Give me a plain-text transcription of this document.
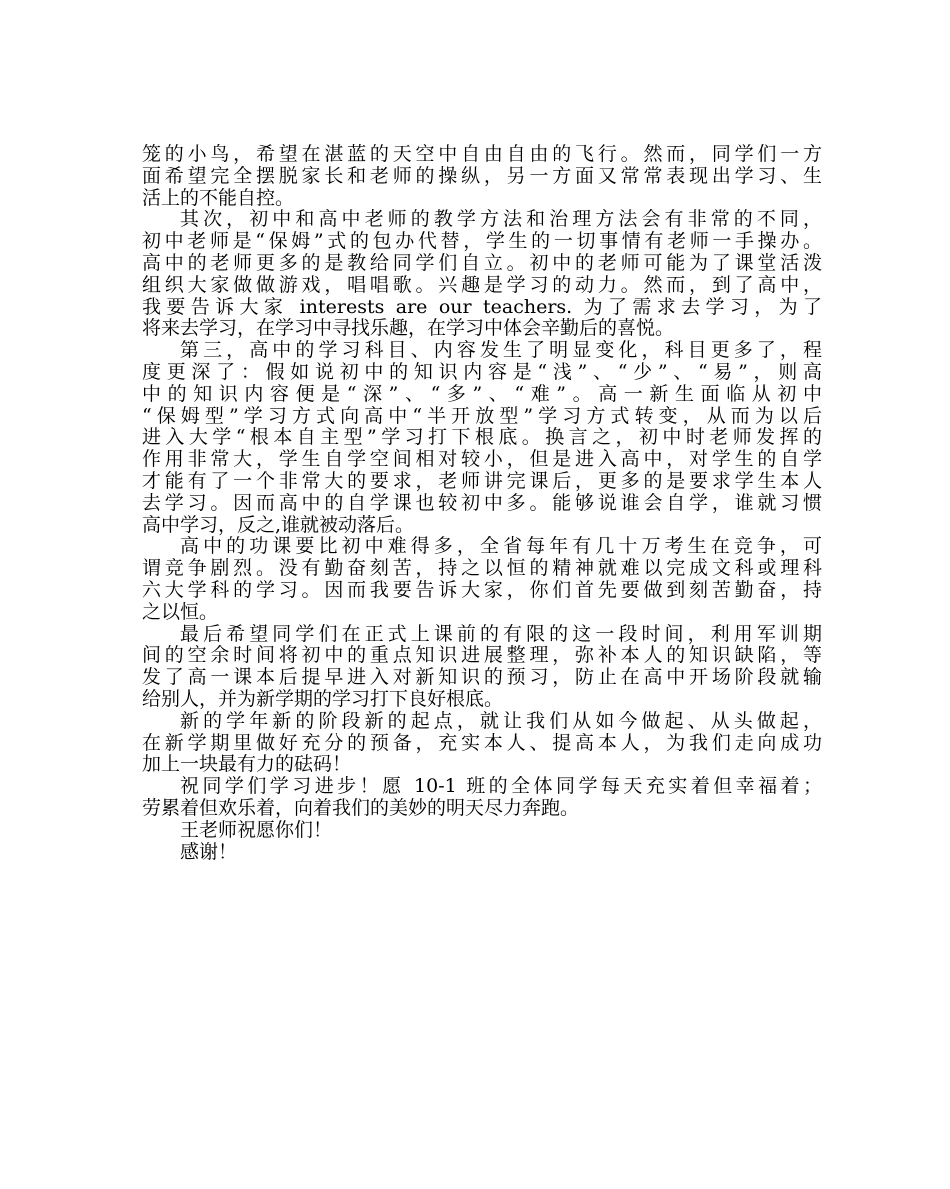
笼的小鸟，希望在湛蓝的天空中自由自由的飞行。然而，同学们一方
面希望完全摆脱家长和老师的操纵，另一方面又常常表现出学习、生
活上的不能自控。
其次，初中和高中老师的教学方法和治理方法会有非常的不同，
初中老师是“保姆”式的包办代替，学生的一切事情有老师一手操办。
高中的老师更多的是教给同学们自立。初中的老师可能为了课堂活泼
组织大家做做游戏，唱唱歌。兴趣是学习的动力。然而，到了高中，
我要告诉大家 interests are our teachers. 为了需求去学习，为了
将来去学习，在学习中寻找乐趣，在学习中体会辛勤后的喜悦。
第三，高中的学习科目、内容发生了明显变化，科目更多了，程
度更深了：假如说初中的知识内容是“浅”、“少”、“易”，则高
中的知识内容便是“深”、“多”、“难”。高一新生面临从初中
“保姆型”学习方式向高中“半开放型”学习方式转变，从而为以后
进入大学“根本自主型”学习打下根底。换言之，初中时老师发挥的
作用非常大，学生自学空间相对较小，但是进入高中，对学生的自学
才能有了一个非常大的要求，老师讲完课后，更多的是要求学生本人
去学习。因而高中的自学课也较初中多。能够说谁会自学，谁就习惯
高中学习，反之,谁就被动落后。
高中的功课要比初中难得多，全省每年有几十万考生在竞争，可
谓竞争剧烈。没有勤奋刻苦，持之以恒的精神就难以完成文科或理科
六大学科的学习。因而我要告诉大家，你们首先要做到刻苦勤奋，持
之以恒。
最后希望同学们在正式上课前的有限的这一段时间，利用军训期
间的空余时间将初中的重点知识进展整理，弥补本人的知识缺陷，等
发了高一课本后提早进入对新知识的预习，防止在高中开场阶段就输
给别人，并为新学期的学习打下良好根底。
新的学年新的阶段新的起点，就让我们从如今做起、从头做起，
在新学期里做好充分的预备，充实本人、提高本人，为我们走向成功
加上一块最有力的砝码！
祝同学们学习进步！愿 10-1 班的全体同学每天充实着但幸福着；
劳累着但欢乐着，向着我们的美妙的明天尽力奔跑。
王老师祝愿你们！
感谢！
